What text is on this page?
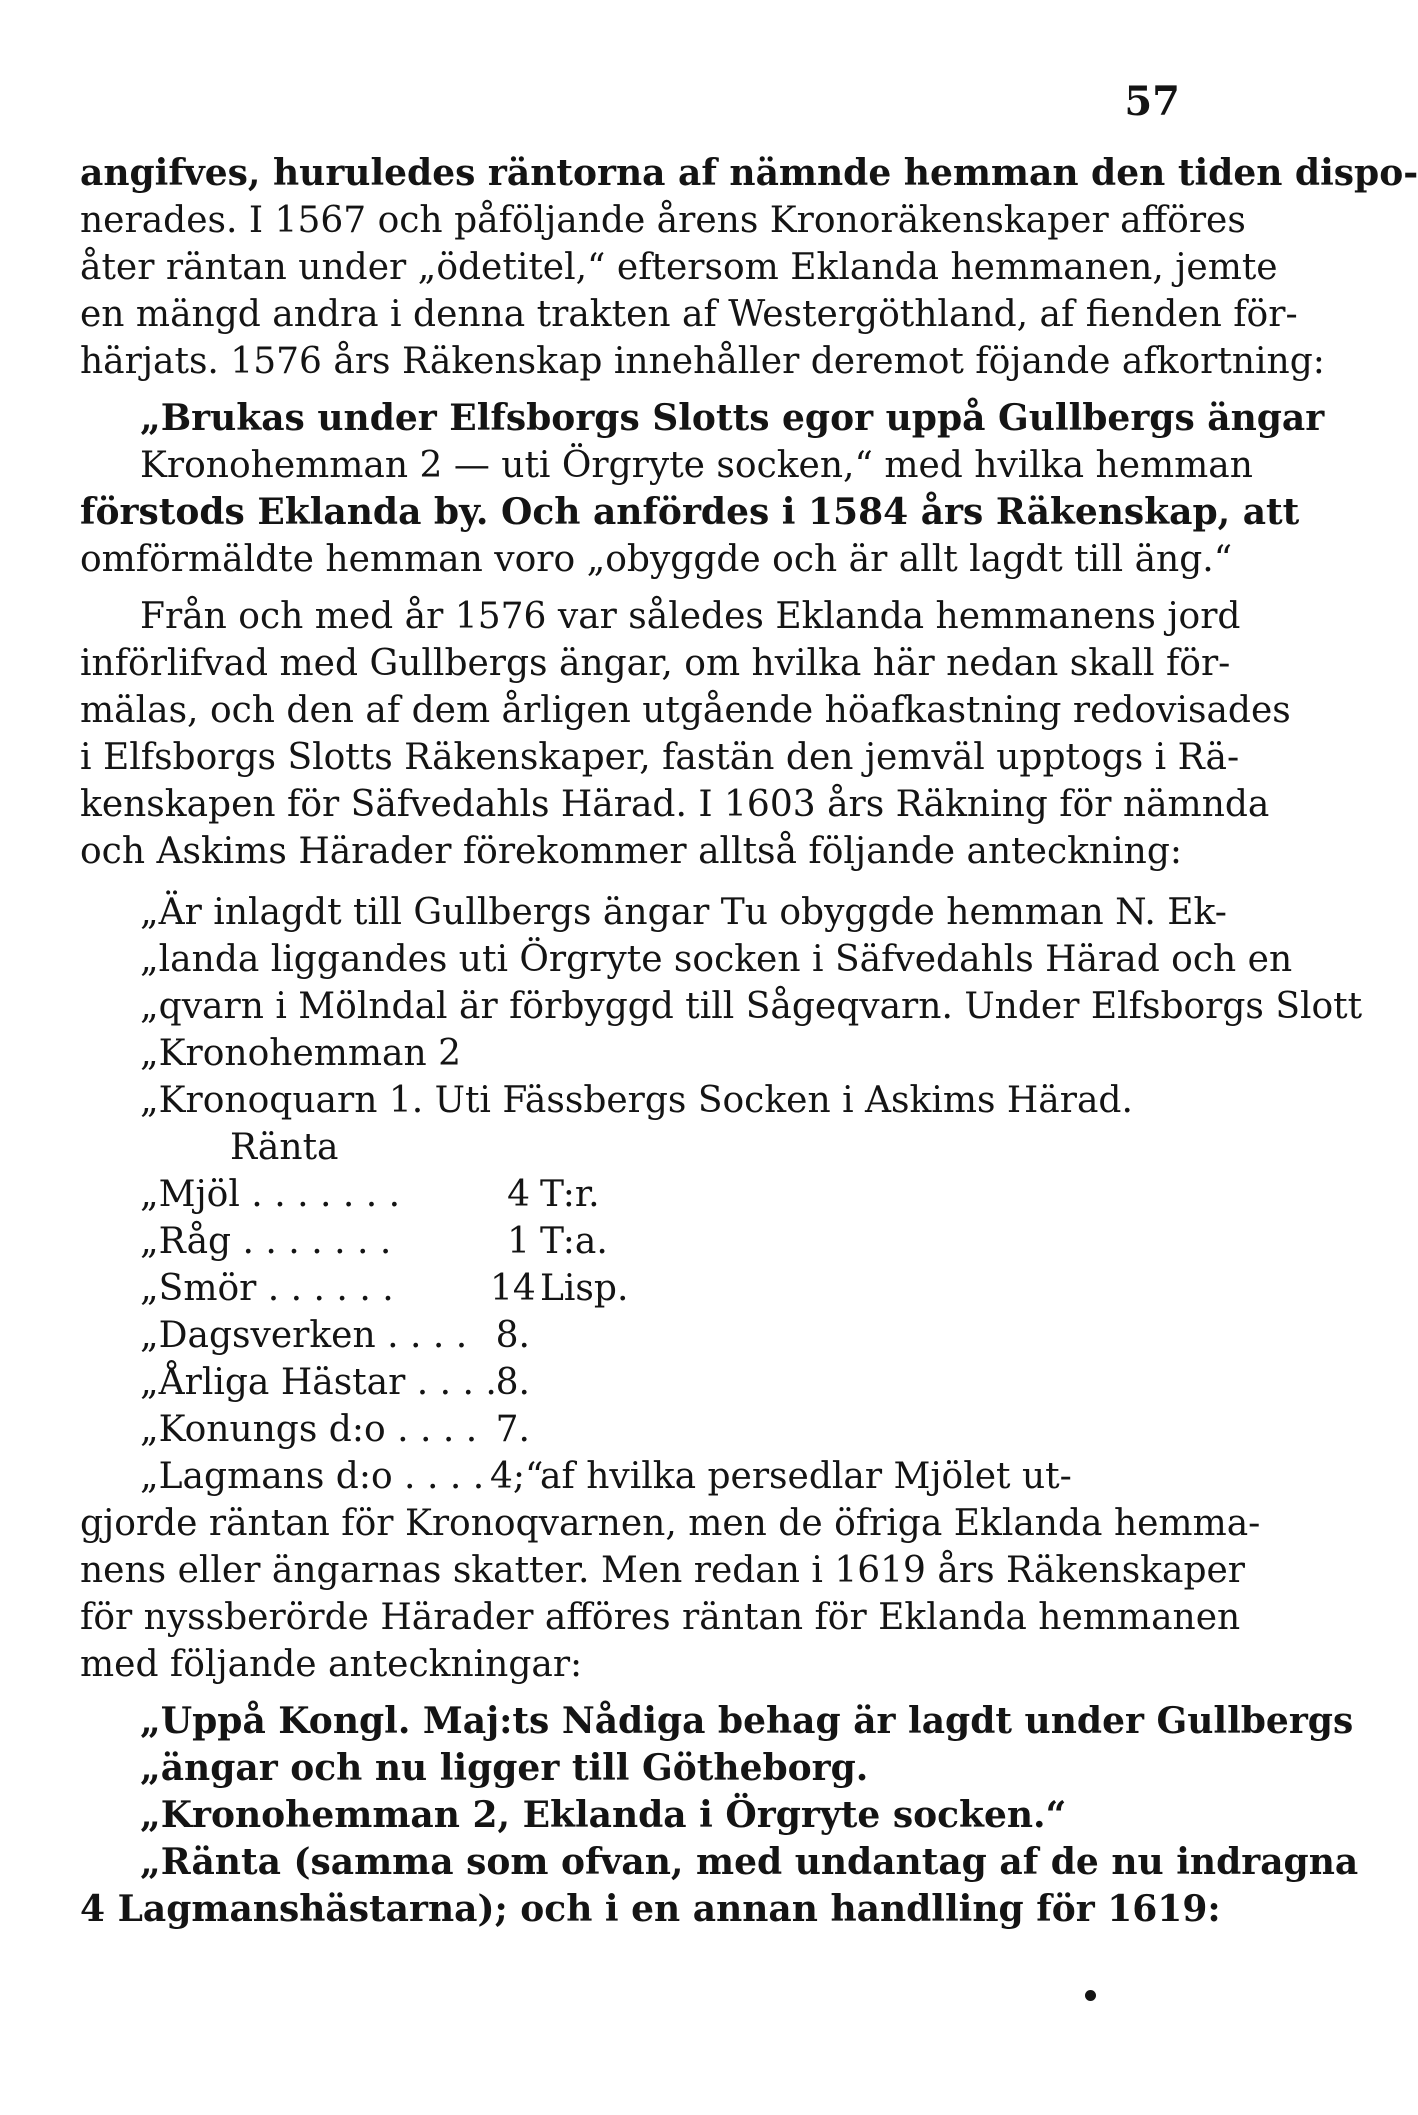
57
angifves, huruledes räntorna af nämnde hemman den tiden dispo-
nerades. I 1567 och påföljande årens Kronoräkenskaper afföres
åter räntan under „ödetitel,“ eftersom Eklanda hemmanen, jemte
en mängd andra i denna trakten af Westergöthland, af fienden för-
härjats. 1576 års Räkenskap innehåller deremot föjande afkortning:
„Brukas under Elfsborgs Slotts egor uppå Gullbergs ängar
Kronohemman 2 — uti Örgryte socken,“ med hvilka hemman
förstods Eklanda by. Och anfördes i 1584 års Räkenskap, att
omförmäldte hemman voro „obyggde och är allt lagdt till äng.“
Från och med år 1576 var således Eklanda hemmanens jord
införlifvad med Gullbergs ängar, om hvilka här nedan skall för-
mälas, och den af dem årligen utgående höafkastning redovisades
i Elfsborgs Slotts Räkenskaper, fastän den jemväl upptogs i Rä-
kenskapen för Säfvedahls Härad. I 1603 års Räkning för nämnda
och Askims Härader förekommer alltså följande anteckning:
„Är inlagdt till Gullbergs ängar Tu obyggde hemman N. Ek-
„landa liggandes uti Örgryte socken i Säfvedahls Härad och en
„qvarn i Mölndal är förbyggd till Sågeqvarn. Under Elfsborgs Slott
„Kronohemman 2
„Kronoquarn 1. Uti Fässbergs Socken i Askims Härad.
Ränta
„Mjöl . . . . . . .	4 T:r.
„Råg . . . . . . .	1 T:a.
„Smör . . . . . .	14 Lisp.
„Dagsverken . . . . 8.
„Årliga Hästar . . . .8.
„Konungs d:o . . . . 7.
„Lagmans d:o . . . . 4;“af hvilka persedlar Mjölet ut-
gjorde räntan för Kronoqvarnen, men de öfriga Eklanda hemma-
nens eller ängarnas skatter. Men redan i 1619 års Räkenskaper
för nyssberörde Härader afföres räntan för Eklanda hemmanen
med följande anteckningar:
„Uppå Kongl. Maj:ts Nådiga behag är lagdt under Gullbergs
„ängar och nu ligger till Götheborg.
„Kronohemman 2, Eklanda i Örgryte socken.“
„Ränta (samma som ofvan, med undantag af de nu indragna
4 Lagmanshästarna); och i en annan handlling för 1619:
